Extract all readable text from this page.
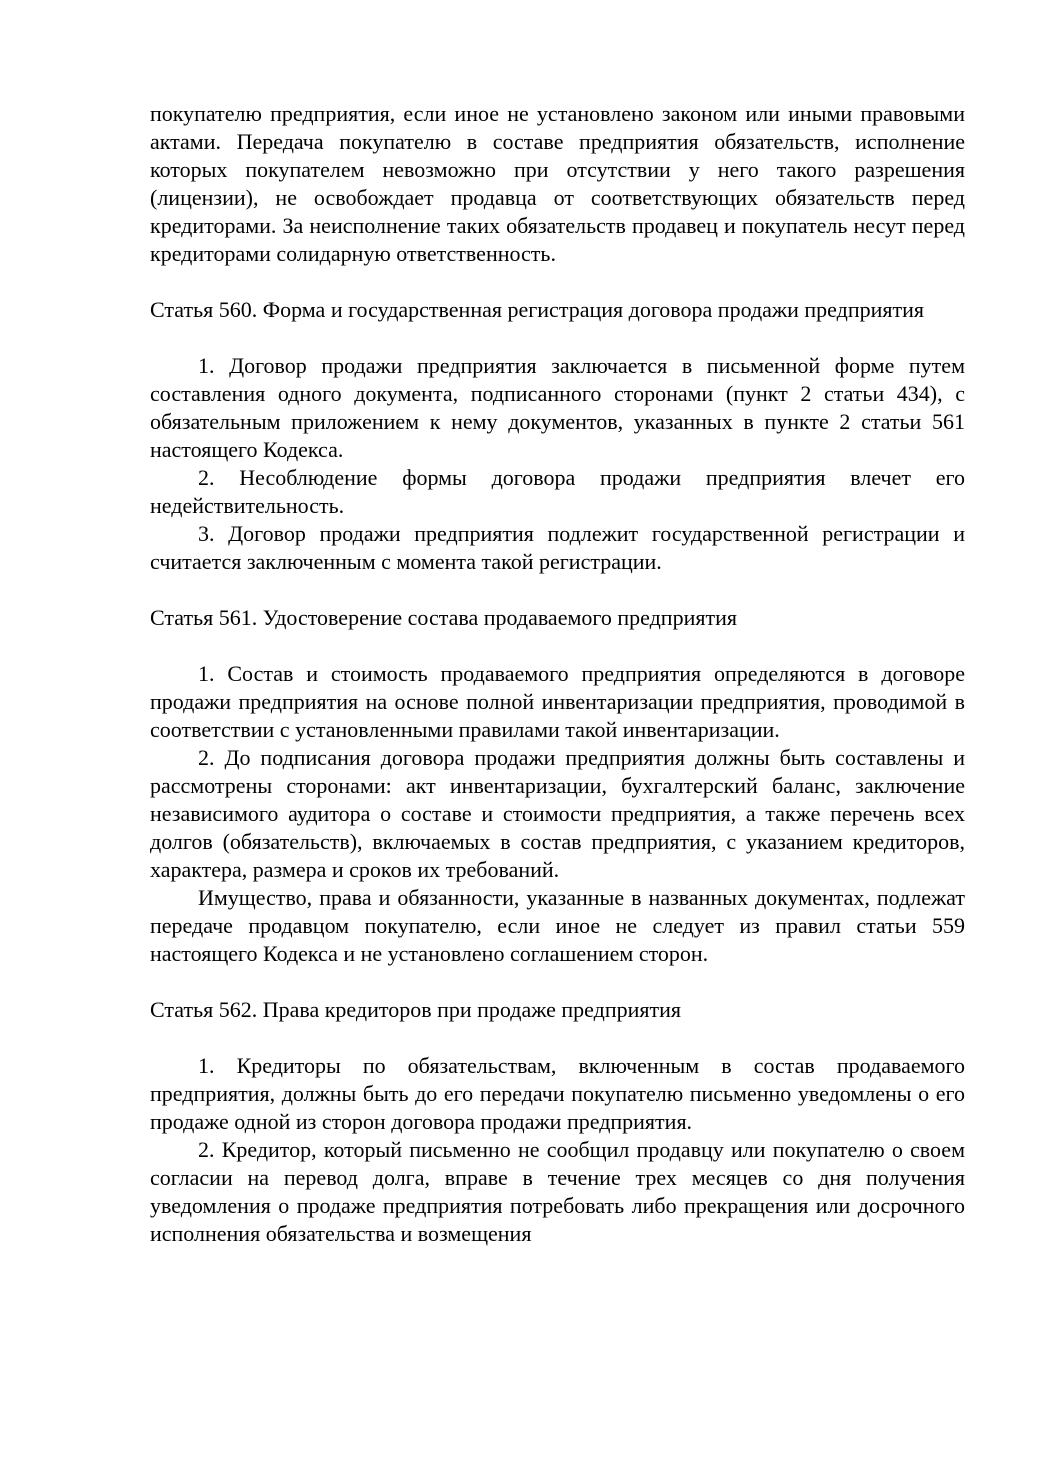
покупателю предприятия, если иное не установлено законом или иными правовыми актами. Передача покупателю в составе предприятия обязательств, исполнение которых покупателем невозможно при отсутствии у него такого разрешения (лицензии), не освобождает продавца от соответствующих обязательств перед кредиторами. За неисполнение таких обязательств продавец и покупатель несут перед кредиторами солидарную ответственность.

Статья 560. Форма и государственная регистрация договора продажи предприятия

1. Договор продажи предприятия заключается в письменной форме путем составления одного документа, подписанного сторонами (пункт 2 статьи 434), с обязательным приложением к нему документов, указанных в пункте 2 статьи 561 настоящего Кодекса.

2. Несоблюдение формы договора продажи предприятия влечет его недействительность.

3. Договор продажи предприятия подлежит государственной регистрации и считается заключенным с момента такой регистрации.

Статья 561. Удостоверение состава продаваемого предприятия

1. Состав и стоимость продаваемого предприятия определяются в договоре продажи предприятия на основе полной инвентаризации предприятия, проводимой в соответствии с установленными правилами такой инвентаризации.

2. До подписания договора продажи предприятия должны быть составлены и рассмотрены сторонами: акт инвентаризации, бухгалтерский баланс, заключение независимого аудитора о составе и стоимости предприятия, а также перечень всех долгов (обязательств), включаемых в состав предприятия, с указанием кредиторов, характера, размера и сроков их требований.

Имущество, права и обязанности, указанные в названных документах, подлежат передаче продавцом покупателю, если иное не следует из правил статьи 559 настоящего Кодекса и не установлено соглашением сторон.

Статья 562. Права кредиторов при продаже предприятия

1. Кредиторы по обязательствам, включенным в состав продаваемого предприятия, должны быть до его передачи покупателю письменно уведомлены о его продаже одной из сторон договора продажи предприятия.

2. Кредитор, который письменно не сообщил продавцу или покупателю о своем согласии на перевод долга, вправе в течение трех месяцев со дня получения уведомления о продаже предприятия потребовать либо прекращения или досрочного исполнения обязательства и возмещения
